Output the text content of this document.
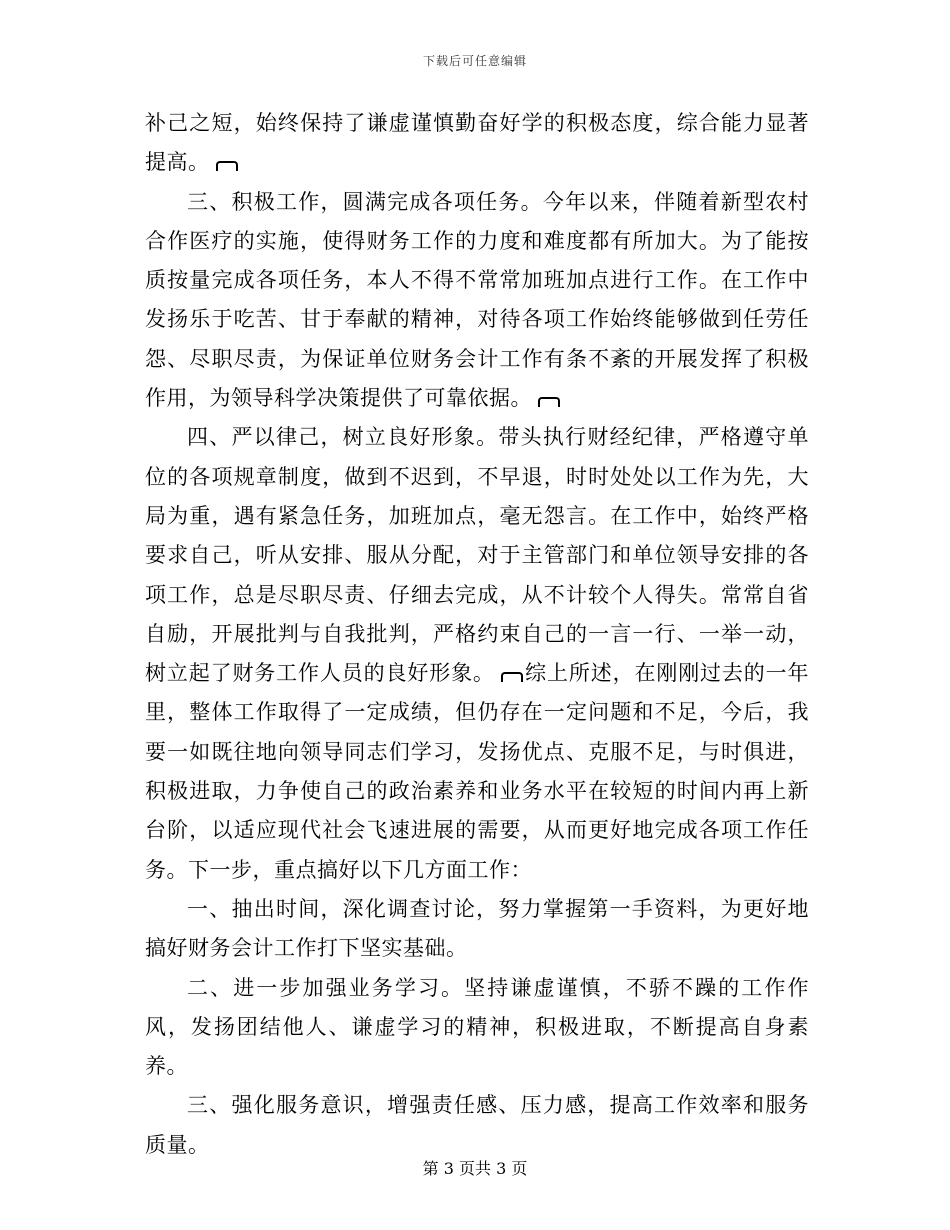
下载后可任意编辑

补己之短，始终保持了谦虚谨慎勤奋好学的积极态度，综合能力显著提高。

三、积极工作，圆满完成各项任务。今年以来，伴随着新型农村合作医疗的实施，使得财务工作的力度和难度都有所加大。为了能按质按量完成各项任务，本人不得不常常加班加点进行工作。在工作中发扬乐于吃苦、甘于奉献的精神，对待各项工作始终能够做到任劳任怨、尽职尽责，为保证单位财务会计工作有条不紊的开展发挥了积极作用，为领导科学决策提供了可靠依据。

四、严以律己，树立良好形象。带头执行财经纪律，严格遵守单位的各项规章制度，做到不迟到，不早退，时时处处以工作为先，大局为重，遇有紧急任务，加班加点，毫无怨言。在工作中，始终严格要求自己，听从安排、服从分配，对于主管部门和单位领导安排的各项工作，总是尽职尽责、仔细去完成，从不计较个人得失。常常自省自励，开展批判与自我批判，严格约束自己的一言一行、一举一动，树立起了财务工作人员的良好形象。 综上所述，在刚刚过去的一年里，整体工作取得了一定成绩，但仍存在一定问题和不足，今后，我要一如既往地向领导同志们学习，发扬优点、克服不足，与时俱进，积极进取，力争使自己的政治素养和业务水平在较短的时间内再上新台阶，以适应现代社会飞速进展的需要，从而更好地完成各项工作任务。下一步，重点搞好以下几方面工作：

一、抽出时间，深化调查讨论，努力掌握第一手资料，为更好地搞好财务会计工作打下坚实基础。

二、进一步加强业务学习。坚持谦虚谨慎，不骄不躁的工作作风，发扬团结他人、谦虚学习的精神，积极进取，不断提高自身素养。

三、强化服务意识，增强责任感、压力感，提高工作效率和服务质量。

第 3 页共 3 页
